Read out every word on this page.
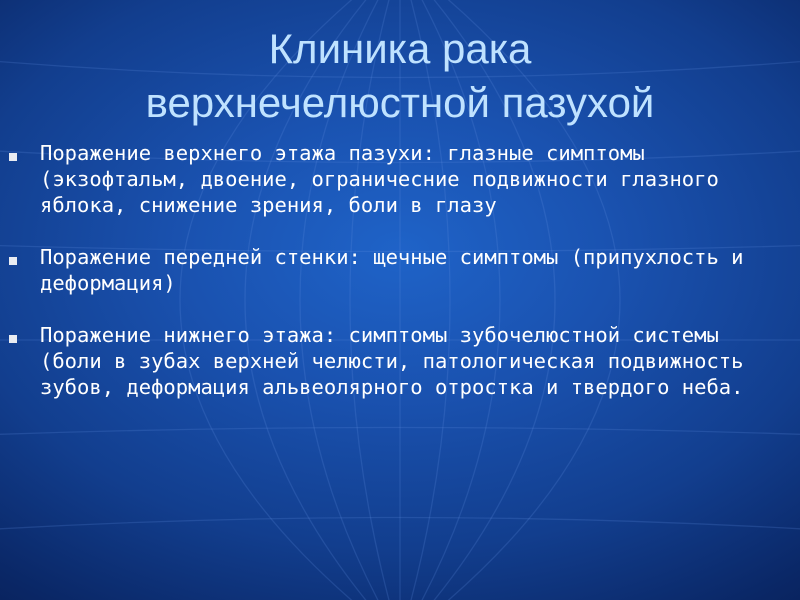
Клиника рака
верхнечелюстной пазухой
Поражение верхнего этажа пазухи: глазные симптомы (экзофтальм, двоение, ограничесние подвижности глазного яблока, снижение зрения, боли в глазу
Поражение передней стенки: щечные симптомы (припухлость и деформация)
Поражение нижнего этажа: симптомы зубочелюстной системы (боли в зубах верхней челюсти, патологическая подвижность зубов, деформация альвеолярного отростка и твердого неба.
